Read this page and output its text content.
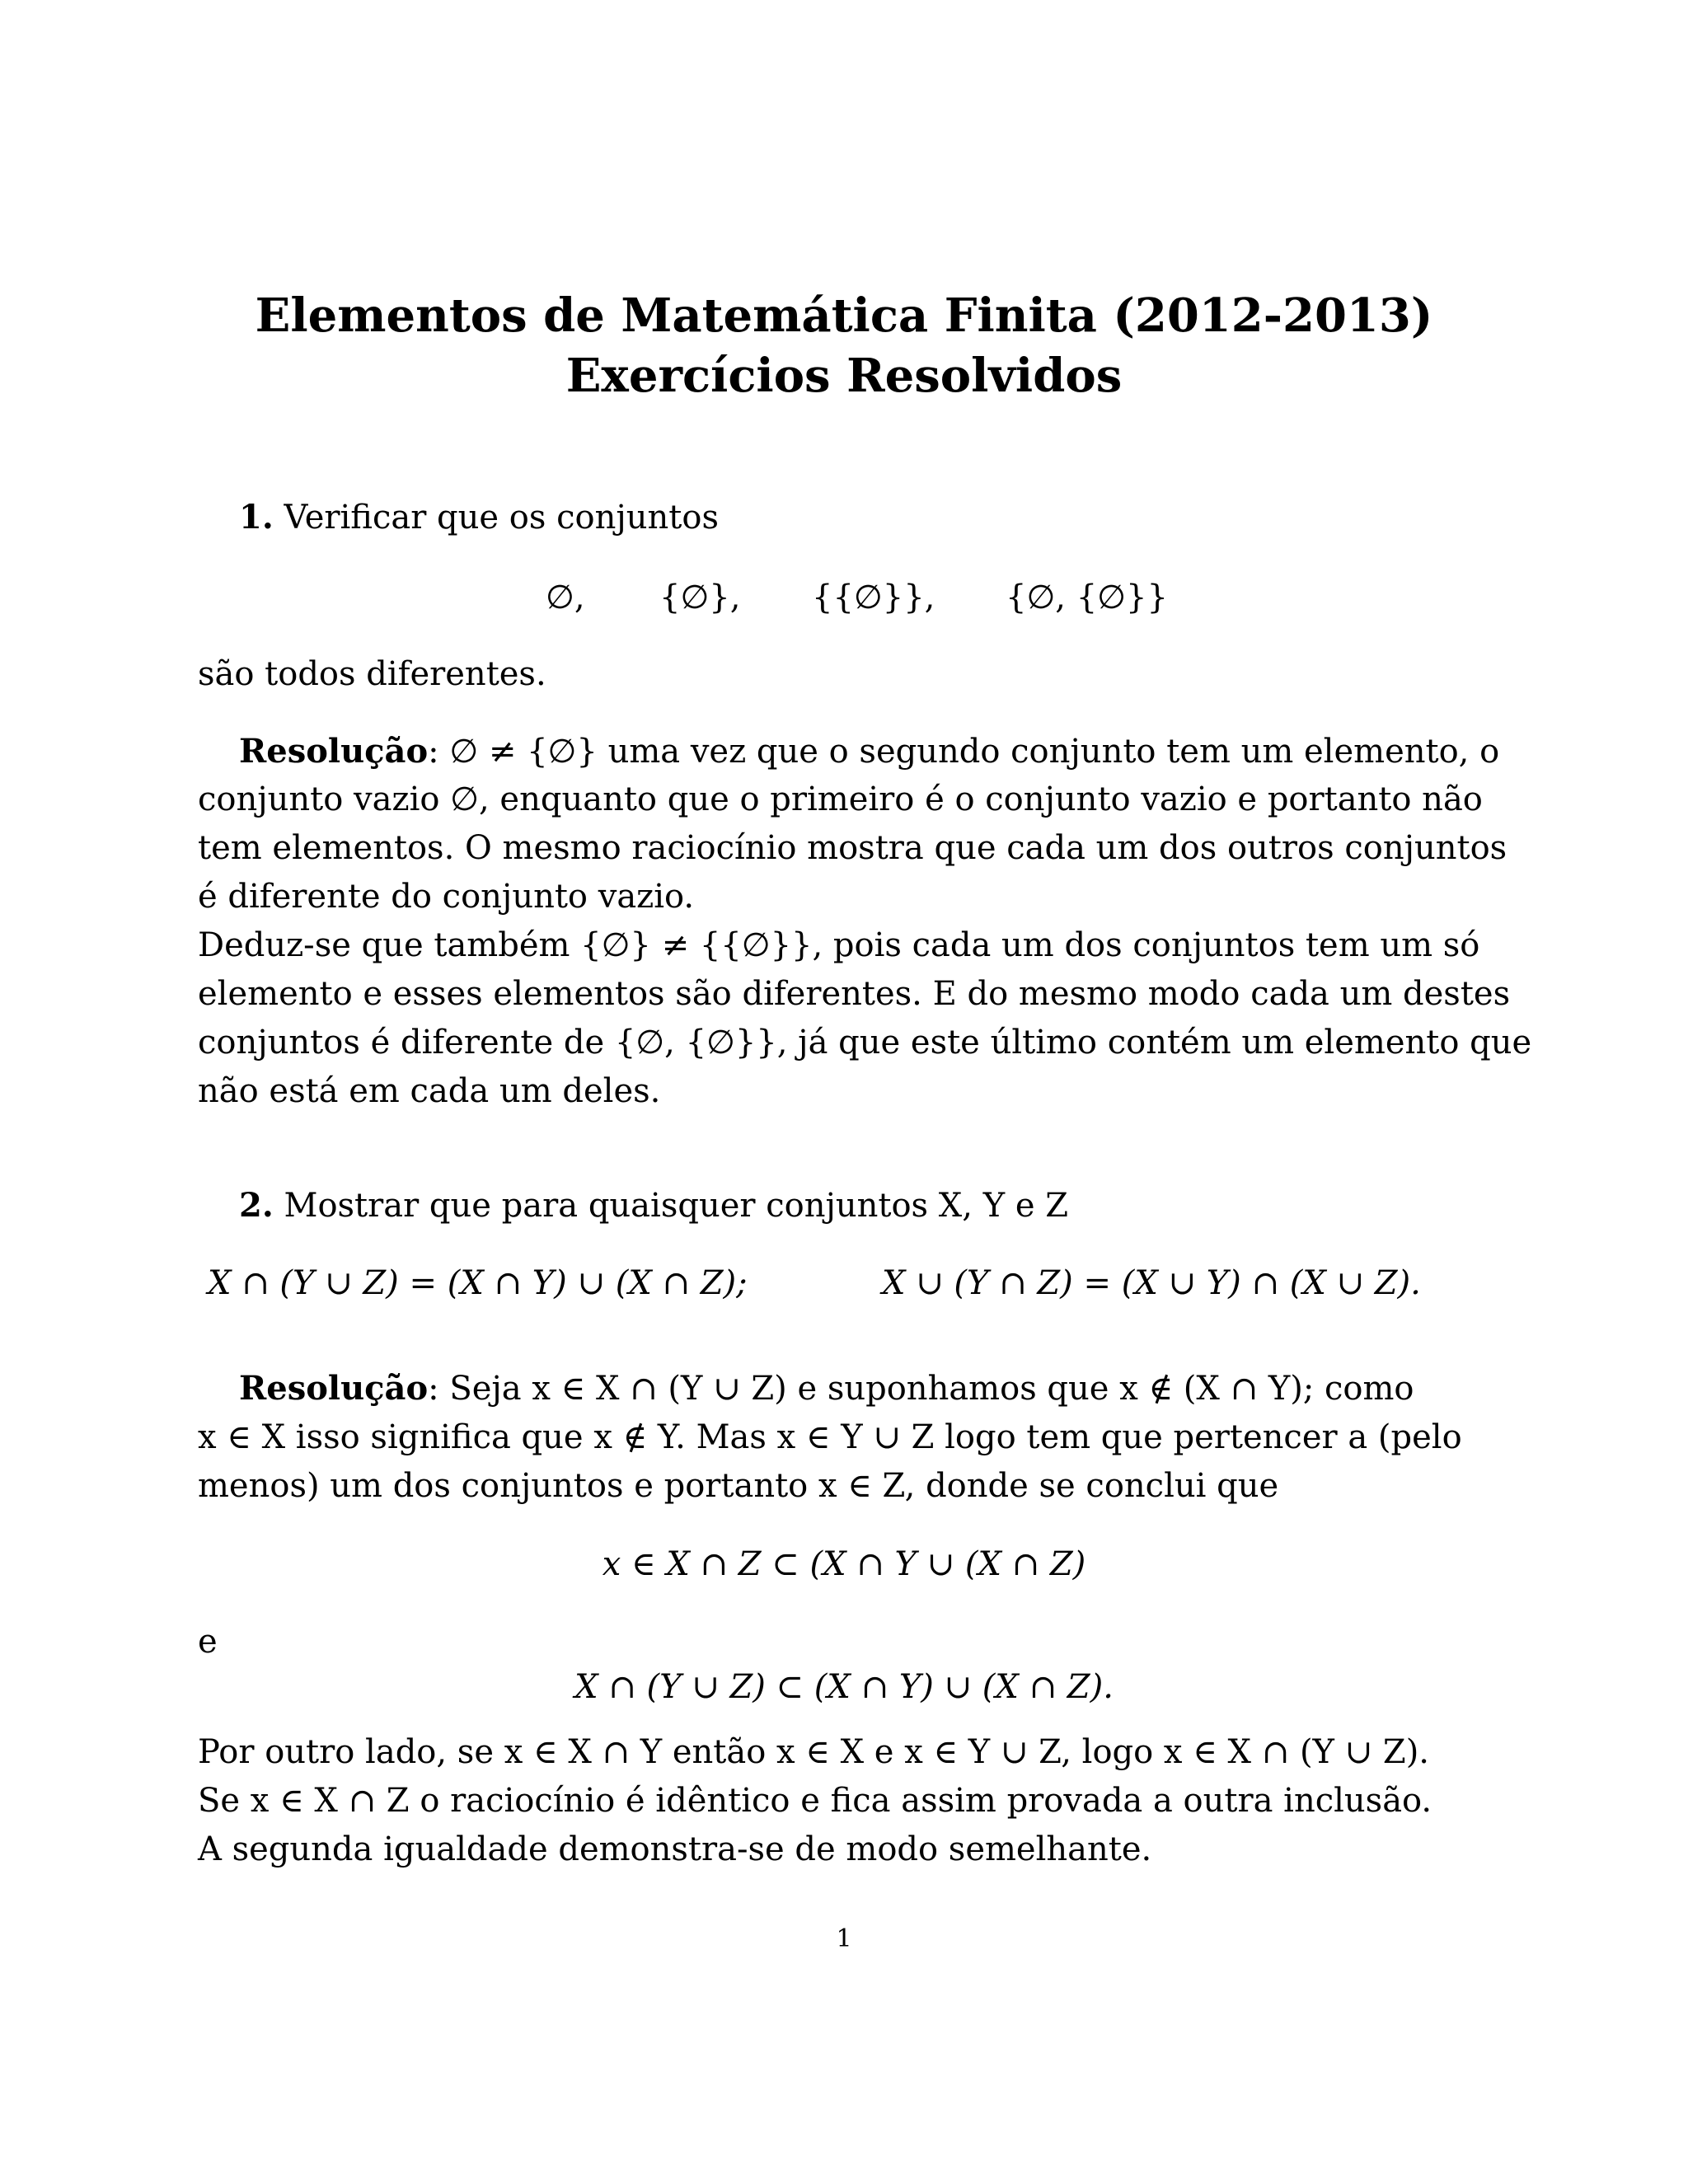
Elementos de Matemática Finita (2012-2013)
Exercícios Resolvidos
1. Verificar que os conjuntos
∅, {∅}, {{∅}}, {∅, {∅}}
são todos diferentes.
Resolução: ∅ ≠ {∅} uma vez que o segundo conjunto tem um elemento, o
conjunto vazio ∅, enquanto que o primeiro é o conjunto vazio e portanto não
tem elementos. O mesmo raciocínio mostra que cada um dos outros conjuntos
é diferente do conjunto vazio.
Deduz-se que também {∅} ≠ {{∅}}, pois cada um dos conjuntos tem um só
elemento e esses elementos são diferentes. E do mesmo modo cada um destes
conjuntos é diferente de {∅, {∅}}, já que este último contém um elemento que
não está em cada um deles.
2. Mostrar que para quaisquer conjuntos X, Y e Z
X ∩ (Y ∪ Z) = (X ∩ Y) ∪ (X ∩ Z);	X ∪ (Y ∩ Z) = (X ∪ Y) ∩ (X ∪ Z).
Resolução: Seja x ∈ X ∩ (Y ∪ Z) e suponhamos que x ∉ (X ∩ Y); como
x ∈ X isso significa que x ∉ Y. Mas x ∈ Y ∪ Z logo tem que pertencer a (pelo
menos) um dos conjuntos e portanto x ∈ Z, donde se conclui que
x ∈ X ∩ Z ⊂ (X ∩ Y ∪ (X ∩ Z)
e
X ∩ (Y ∪ Z) ⊂ (X ∩ Y) ∪ (X ∩ Z).
Por outro lado, se x ∈ X ∩ Y então x ∈ X e x ∈ Y ∪ Z, logo x ∈ X ∩ (Y ∪ Z).
Se x ∈ X ∩ Z o raciocínio é idêntico e fica assim provada a outra inclusão.
A segunda igualdade demonstra-se de modo semelhante.
1
